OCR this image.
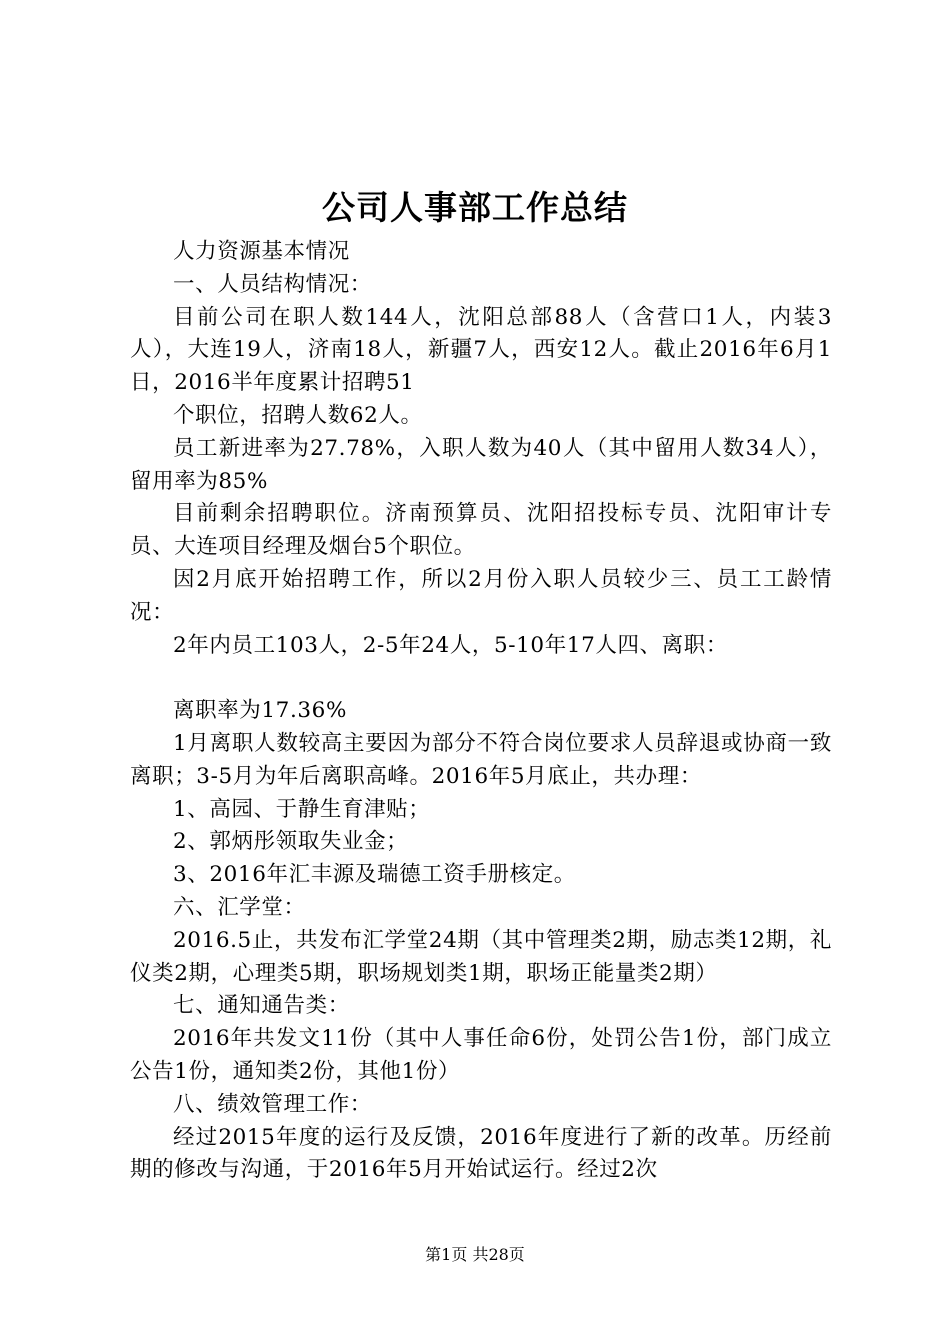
公司人事部工作总结

人力资源基本情况

一、人员结构情况：

目前公司在职人数144人，沈阳总部88人（含营口1人，内装3人），大连19人，济南18人，新疆7人，西安12人。截止2016年6月1日，2016半年度累计招聘51

个职位，招聘人数62人。

员工新进率为27.78%，入职人数为40人（其中留用人数34人），留用率为85%

目前剩余招聘职位。济南预算员、沈阳招投标专员、沈阳审计专员、大连项目经理及烟台5个职位。

因2月底开始招聘工作，所以2月份入职人员较少三、员工工龄情况：

2年内员工103人，2-5年24人，5-10年17人四、离职：

离职率为17.36%

1月离职人数较高主要因为部分不符合岗位要求人员辞退或协商一致离职；3-5月为年后离职高峰。2016年5月底止，共办理：

1、高园、于静生育津贴；

2、郭炳彤领取失业金；

3、2016年汇丰源及瑞德工资手册核定。

六、汇学堂：

2016.5止，共发布汇学堂24期（其中管理类2期，励志类12期，礼仪类2期，心理类5期，职场规划类1期，职场正能量类2期）

七、通知通告类：

2016年共发文11份（其中人事任命6份，处罚公告1份，部门成立公告1份，通知类2份，其他1份）

八、绩效管理工作：

经过2015年度的运行及反馈，2016年度进行了新的改革。历经前期的修改与沟通，于2016年5月开始试运行。经过2次

第1页 共28页
